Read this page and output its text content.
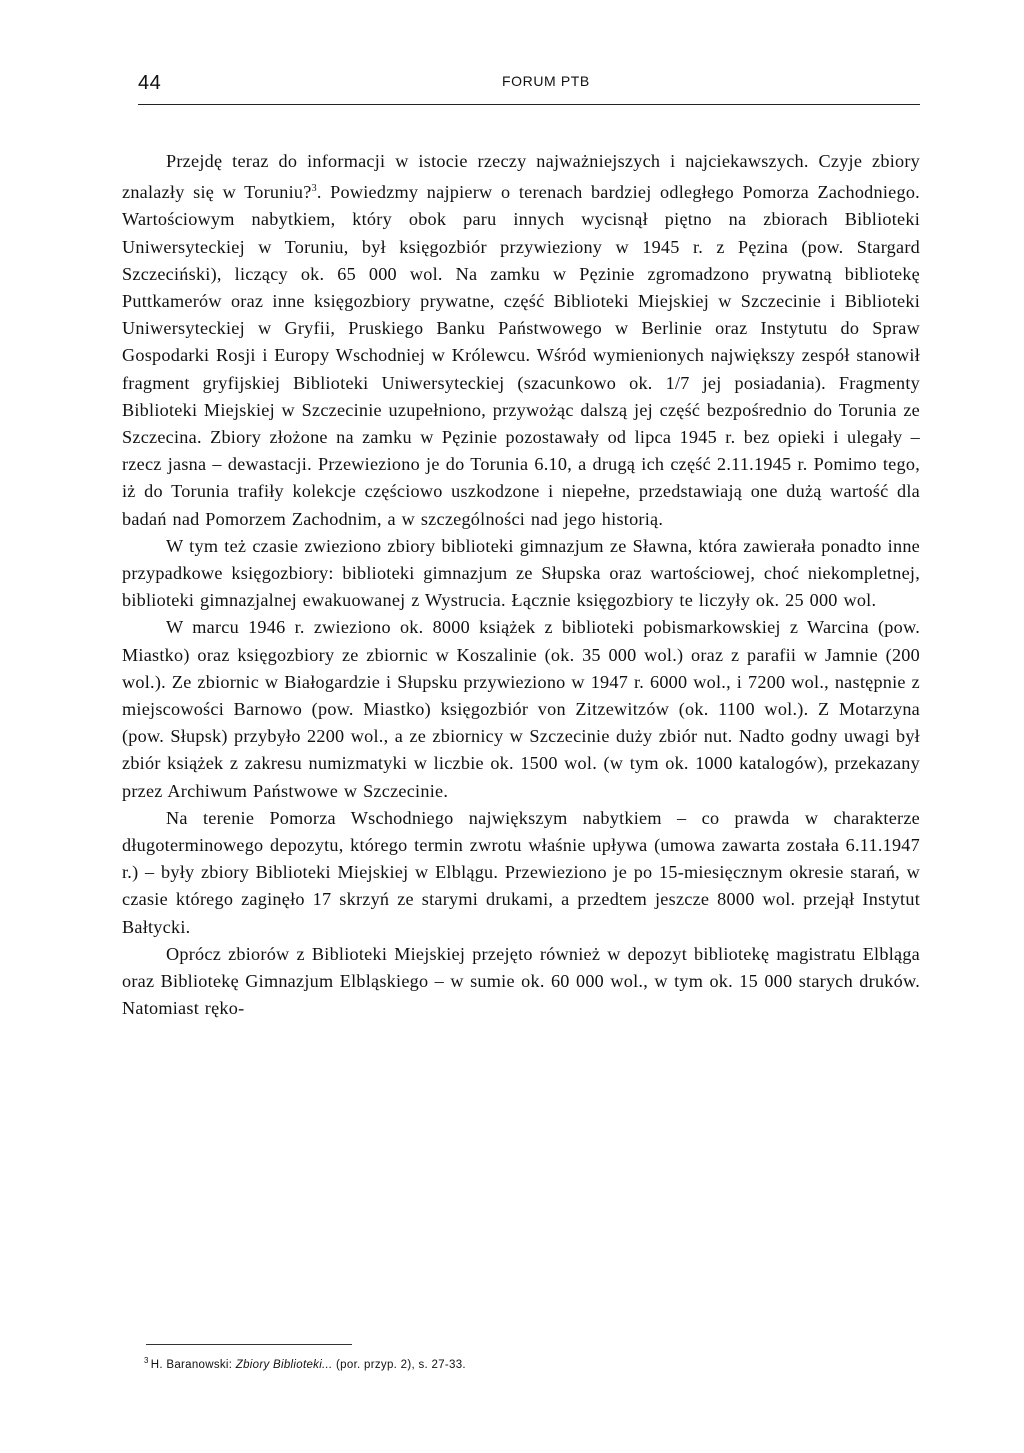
44	FORUM PTB

Przejdę teraz do informacji w istocie rzeczy najważniejszych i najciekawszych. Czyje zbiory znalazły się w Toruniu?$^3$. Powiedzmy najpierw o terenach bardziej odległego Pomorza Zachodniego. Wartościowym nabytkiem, który obok paru innych wycisnął piętno na zbiorach Biblioteki Uniwersyteckiej w Toruniu, był księgozbiór przywieziony w 1945 r. z Pęzina (pow. Stargard Szczeciński), liczący ok. 65 000 wol. Na zamku w Pęzinie zgromadzono prywatną bibliotekę Puttkamerów oraz inne księgozbiory prywatne, część Biblioteki Miejskiej w Szczecinie i Biblioteki Uniwersyteckiej w Gryfii, Pruskiego Banku Państwowego w Berlinie oraz Instytutu do Spraw Gospodarki Rosji i Europy Wschodniej w Królewcu. Wśród wymienionych największy zespół stanowił fragment gryfijskiej Biblioteki Uniwersyteckiej (szacunkowo ok. 1/7 jej posiadania). Fragmenty Biblioteki Miejskiej w Szczecinie uzupełniono, przywożąc dalszą jej część bezpośrednio do Torunia ze Szczecina. Zbiory złożone na zamku w Pęzinie pozostawały od lipca 1945 r. bez opieki i ulegały – rzecz jasna – dewastacji. Przewieziono je do Torunia 6.10, a drugą ich część 2.11.1945 r. Pomimo tego, iż do Torunia trafiły kolekcje częściowo uszkodzone i niepełne, przedstawiają one dużą wartość dla badań nad Pomorzem Zachodnim, a w szczególności nad jego historią.

W tym też czasie zwieziono zbiory biblioteki gimnazjum ze Sławna, która zawierała ponadto inne przypadkowe księgozbiory: biblioteki gimnazjum ze Słupska oraz wartościowej, choć niekompletnej, biblioteki gimnazjalnej ewakuowanej z Wystrucia. Łącznie księgozbiory te liczyły ok. 25 000 wol.

W marcu 1946 r. zwieziono ok. 8000 książek z biblioteki pobismarkowskiej z Warcina (pow. Miastko) oraz księgozbiory ze zbiornic w Koszalinie (ok. 35 000 wol.) oraz z parafii w Jamnie (200 wol.). Ze zbiornic w Białogardzie i Słupsku przywieziono w 1947 r. 6000 wol., i 7200 wol., następnie z miejscowości Barnowo (pow. Miastko) księgozbiór von Zitzewitzów (ok. 1100 wol.). Z Motarzyna (pow. Słupsk) przybyło 2200 wol., a ze zbiornicy w Szczecinie duży zbiór nut. Nadto godny uwagi był zbiór książek z zakresu numizmatyki w liczbie ok. 1500 wol. (w tym ok. 1000 katalogów), przekazany przez Archiwum Państwowe w Szczecinie.

Na terenie Pomorza Wschodniego największym nabytkiem – co prawda w charakterze długoterminowego depozytu, którego termin zwrotu właśnie upływa (umowa zawarta została 6.11.1947 r.) – były zbiory Biblioteki Miejskiej w Elblągu. Przewieziono je po 15-miesięcznym okresie starań, w czasie którego zaginęło 17 skrzyń ze starymi drukami, a przedtem jeszcze 8000 wol. przejął Instytut Bałtycki.

Oprócz zbiorów z Biblioteki Miejskiej przejęto również w depozyt bibliotekę magistratu Elbląga oraz Bibliotekę Gimnazjum Elbląskiego – w sumie ok. 60 000 wol., w tym ok. 15 000 starych druków. Natomiast ręko-

$^3$ H. Baranowski: Zbiory Biblioteki... (por. przyp. 2), s. 27-33.
